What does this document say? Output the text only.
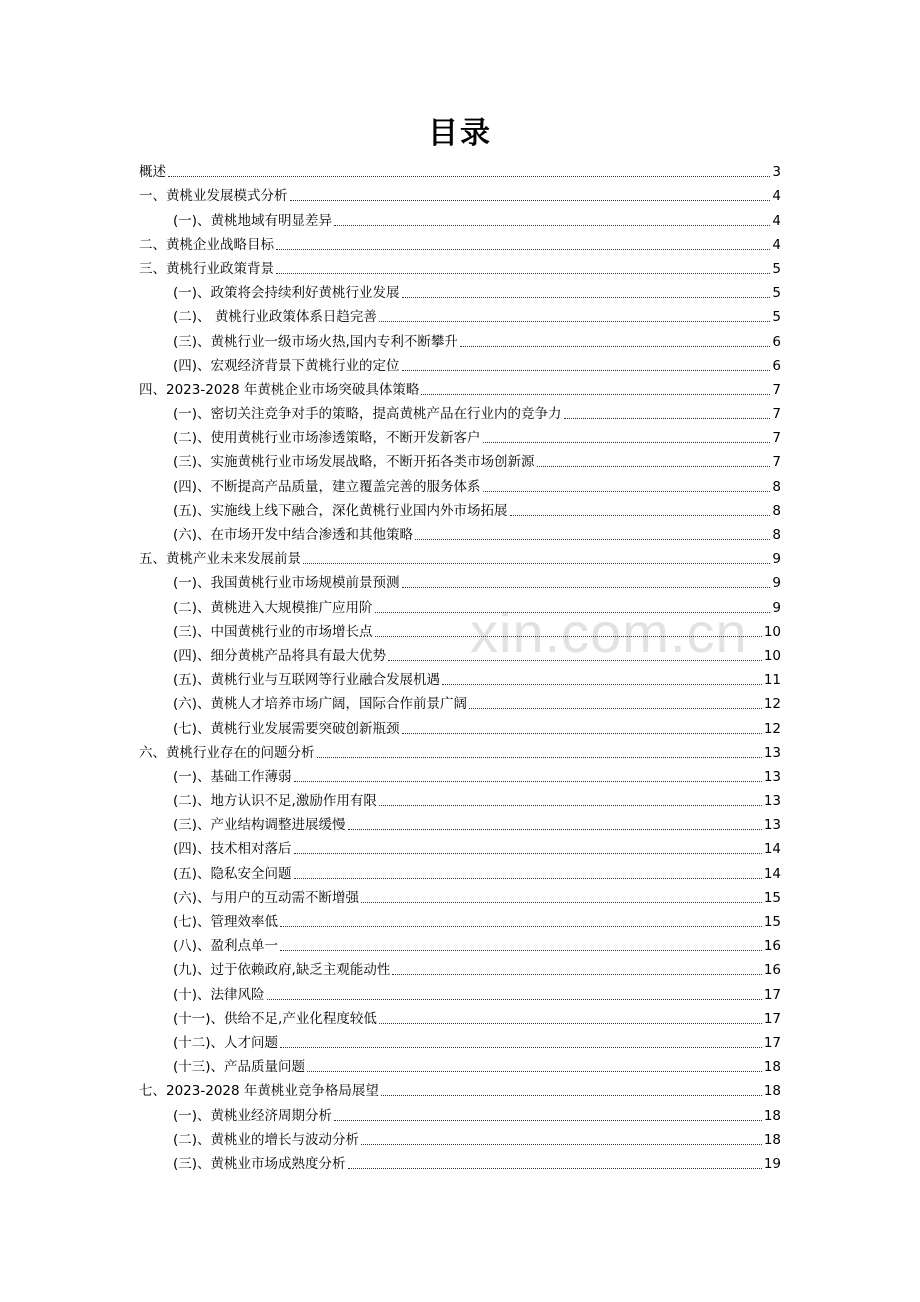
xin.com.cn
目录
概述	3
一、黄桃业发展模式分析	4
(一)、黄桃地域有明显差异	4
二、黄桃企业战略目标	4
三、黄桃行业政策背景	5
(一)、政策将会持续利好黄桃行业发展	5
(二)、 黄桃行业政策体系日趋完善	5
(三)、黄桃行业一级市场火热,国内专利不断攀升	6
(四)、宏观经济背景下黄桃行业的定位	6
四、2023-2028 年黄桃企业市场突破具体策略	7
(一)、密切关注竞争对手的策略，提高黄桃产品在行业内的竞争力	7
(二)、使用黄桃行业市场渗透策略，不断开发新客户	7
(三)、实施黄桃行业市场发展战略，不断开拓各类市场创新源	7
(四)、不断提高产品质量，建立覆盖完善的服务体系	8
(五)、实施线上线下融合，深化黄桃行业国内外市场拓展	8
(六)、在市场开发中结合渗透和其他策略	8
五、黄桃产业未来发展前景	9
(一)、我国黄桃行业市场规模前景预测	9
(二)、黄桃进入大规模推广应用阶	9
(三)、中国黄桃行业的市场增长点	10
(四)、细分黄桃产品将具有最大优势	10
(五)、黄桃行业与互联网等行业融合发展机遇	11
(六)、黄桃人才培养市场广阔，国际合作前景广阔	12
(七)、黄桃行业发展需要突破创新瓶颈	12
六、黄桃行业存在的问题分析	13
(一)、基础工作薄弱	13
(二)、地方认识不足,激励作用有限	13
(三)、产业结构调整进展缓慢	13
(四)、技术相对落后	14
(五)、隐私安全问题	14
(六)、与用户的互动需不断增强	15
(七)、管理效率低	15
(八)、盈利点单一	16
(九)、过于依赖政府,缺乏主观能动性	16
(十)、法律风险	17
(十一)、供给不足,产业化程度较低	17
(十二)、人才问题	17
(十三)、产品质量问题	18
七、2023-2028 年黄桃业竞争格局展望	18
(一)、黄桃业经济周期分析	18
(二)、黄桃业的增长与波动分析	18
(三)、黄桃业市场成熟度分析	19
